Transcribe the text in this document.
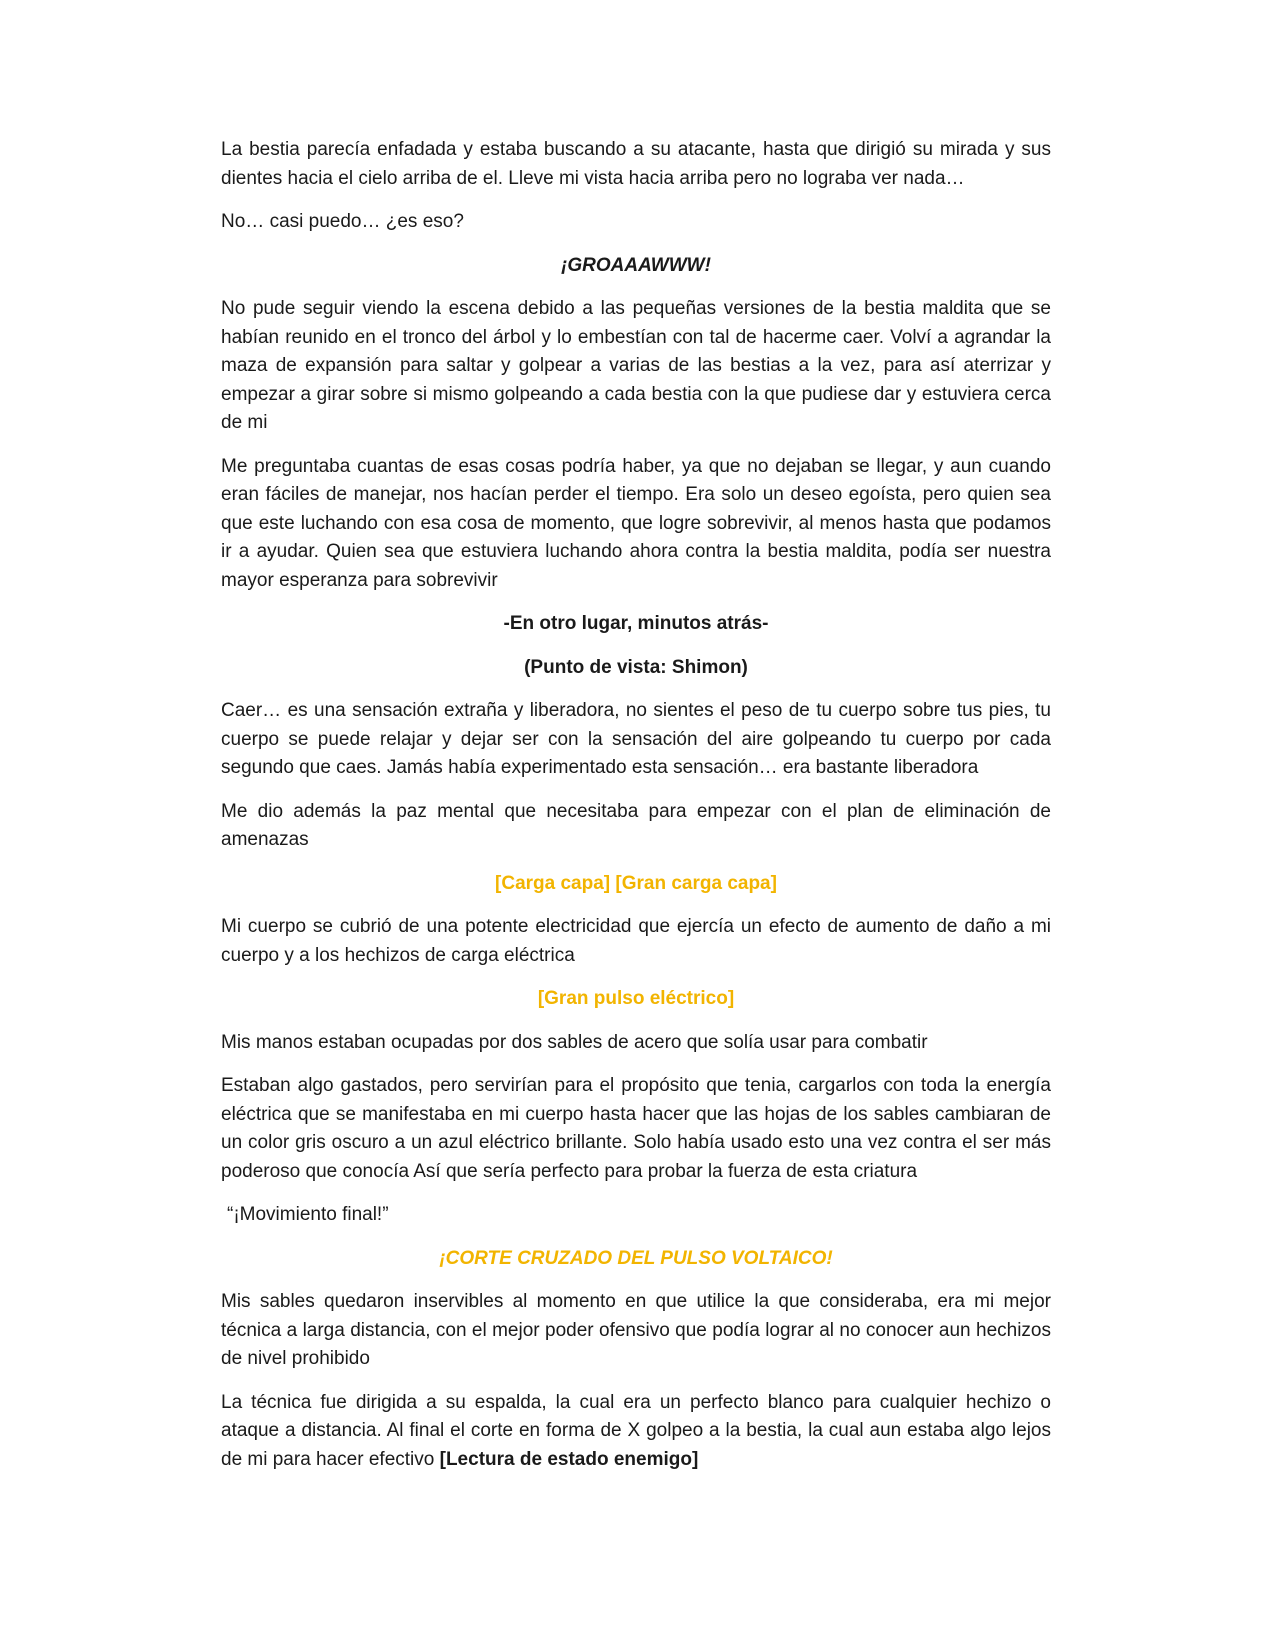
La bestia parecía enfadada y estaba buscando a su atacante, hasta que dirigió su mirada y sus dientes hacia el cielo arriba de el. Lleve mi vista hacia arriba pero no lograba ver nada…

No… casi puedo… ¿es eso?

¡GROAAAWWW!

No pude seguir viendo la escena debido a las pequeñas versiones de la bestia maldita que se habían reunido en el tronco del árbol y lo embestían con tal de hacerme caer. Volví a agrandar la maza de expansión para saltar y golpear a varias de las bestias a la vez, para así aterrizar y empezar a girar sobre si mismo golpeando a cada bestia con la que pudiese dar y estuviera cerca de mi

Me preguntaba cuantas de esas cosas podría haber, ya que no dejaban se llegar, y aun cuando eran fáciles de manejar, nos hacían perder el tiempo. Era solo un deseo egoísta, pero quien sea que este luchando con esa cosa de momento, que logre sobrevivir, al menos hasta que podamos ir a ayudar. Quien sea que estuviera luchando ahora contra la bestia maldita, podía ser nuestra mayor esperanza para sobrevivir

-En otro lugar, minutos atrás-

(Punto de vista: Shimon)

Caer… es una sensación extraña y liberadora, no sientes el peso de tu cuerpo sobre tus pies, tu cuerpo se puede relajar y dejar ser con la sensación del aire golpeando tu cuerpo por cada segundo que caes. Jamás había experimentado esta sensación… era bastante liberadora

Me dio además la paz mental que necesitaba para empezar con el plan de eliminación de amenazas

[Carga capa] [Gran carga capa]

Mi cuerpo se cubrió de una potente electricidad que ejercía un efecto de aumento de daño a mi cuerpo y a los hechizos de carga eléctrica

[Gran pulso eléctrico]

Mis manos estaban ocupadas por dos sables de acero que solía usar para combatir

Estaban algo gastados, pero servirían para el propósito que tenia, cargarlos con toda la energía eléctrica que se manifestaba en mi cuerpo hasta hacer que las hojas de los sables cambiaran de un color gris oscuro a un azul eléctrico brillante. Solo había usado esto una vez contra el ser más poderoso que conocía Así que sería perfecto para probar la fuerza de esta criatura

“¡Movimiento final!”

¡CORTE CRUZADO DEL PULSO VOLTAICO!

Mis sables quedaron inservibles al momento en que utilice la que consideraba, era mi mejor técnica a larga distancia, con el mejor poder ofensivo que podía lograr al no conocer aun hechizos de nivel prohibido

La técnica fue dirigida a su espalda, la cual era un perfecto blanco para cualquier hechizo o ataque a distancia. Al final el corte en forma de X golpeo a la bestia, la cual aun estaba algo lejos de mi para hacer efectivo [Lectura de estado enemigo]
